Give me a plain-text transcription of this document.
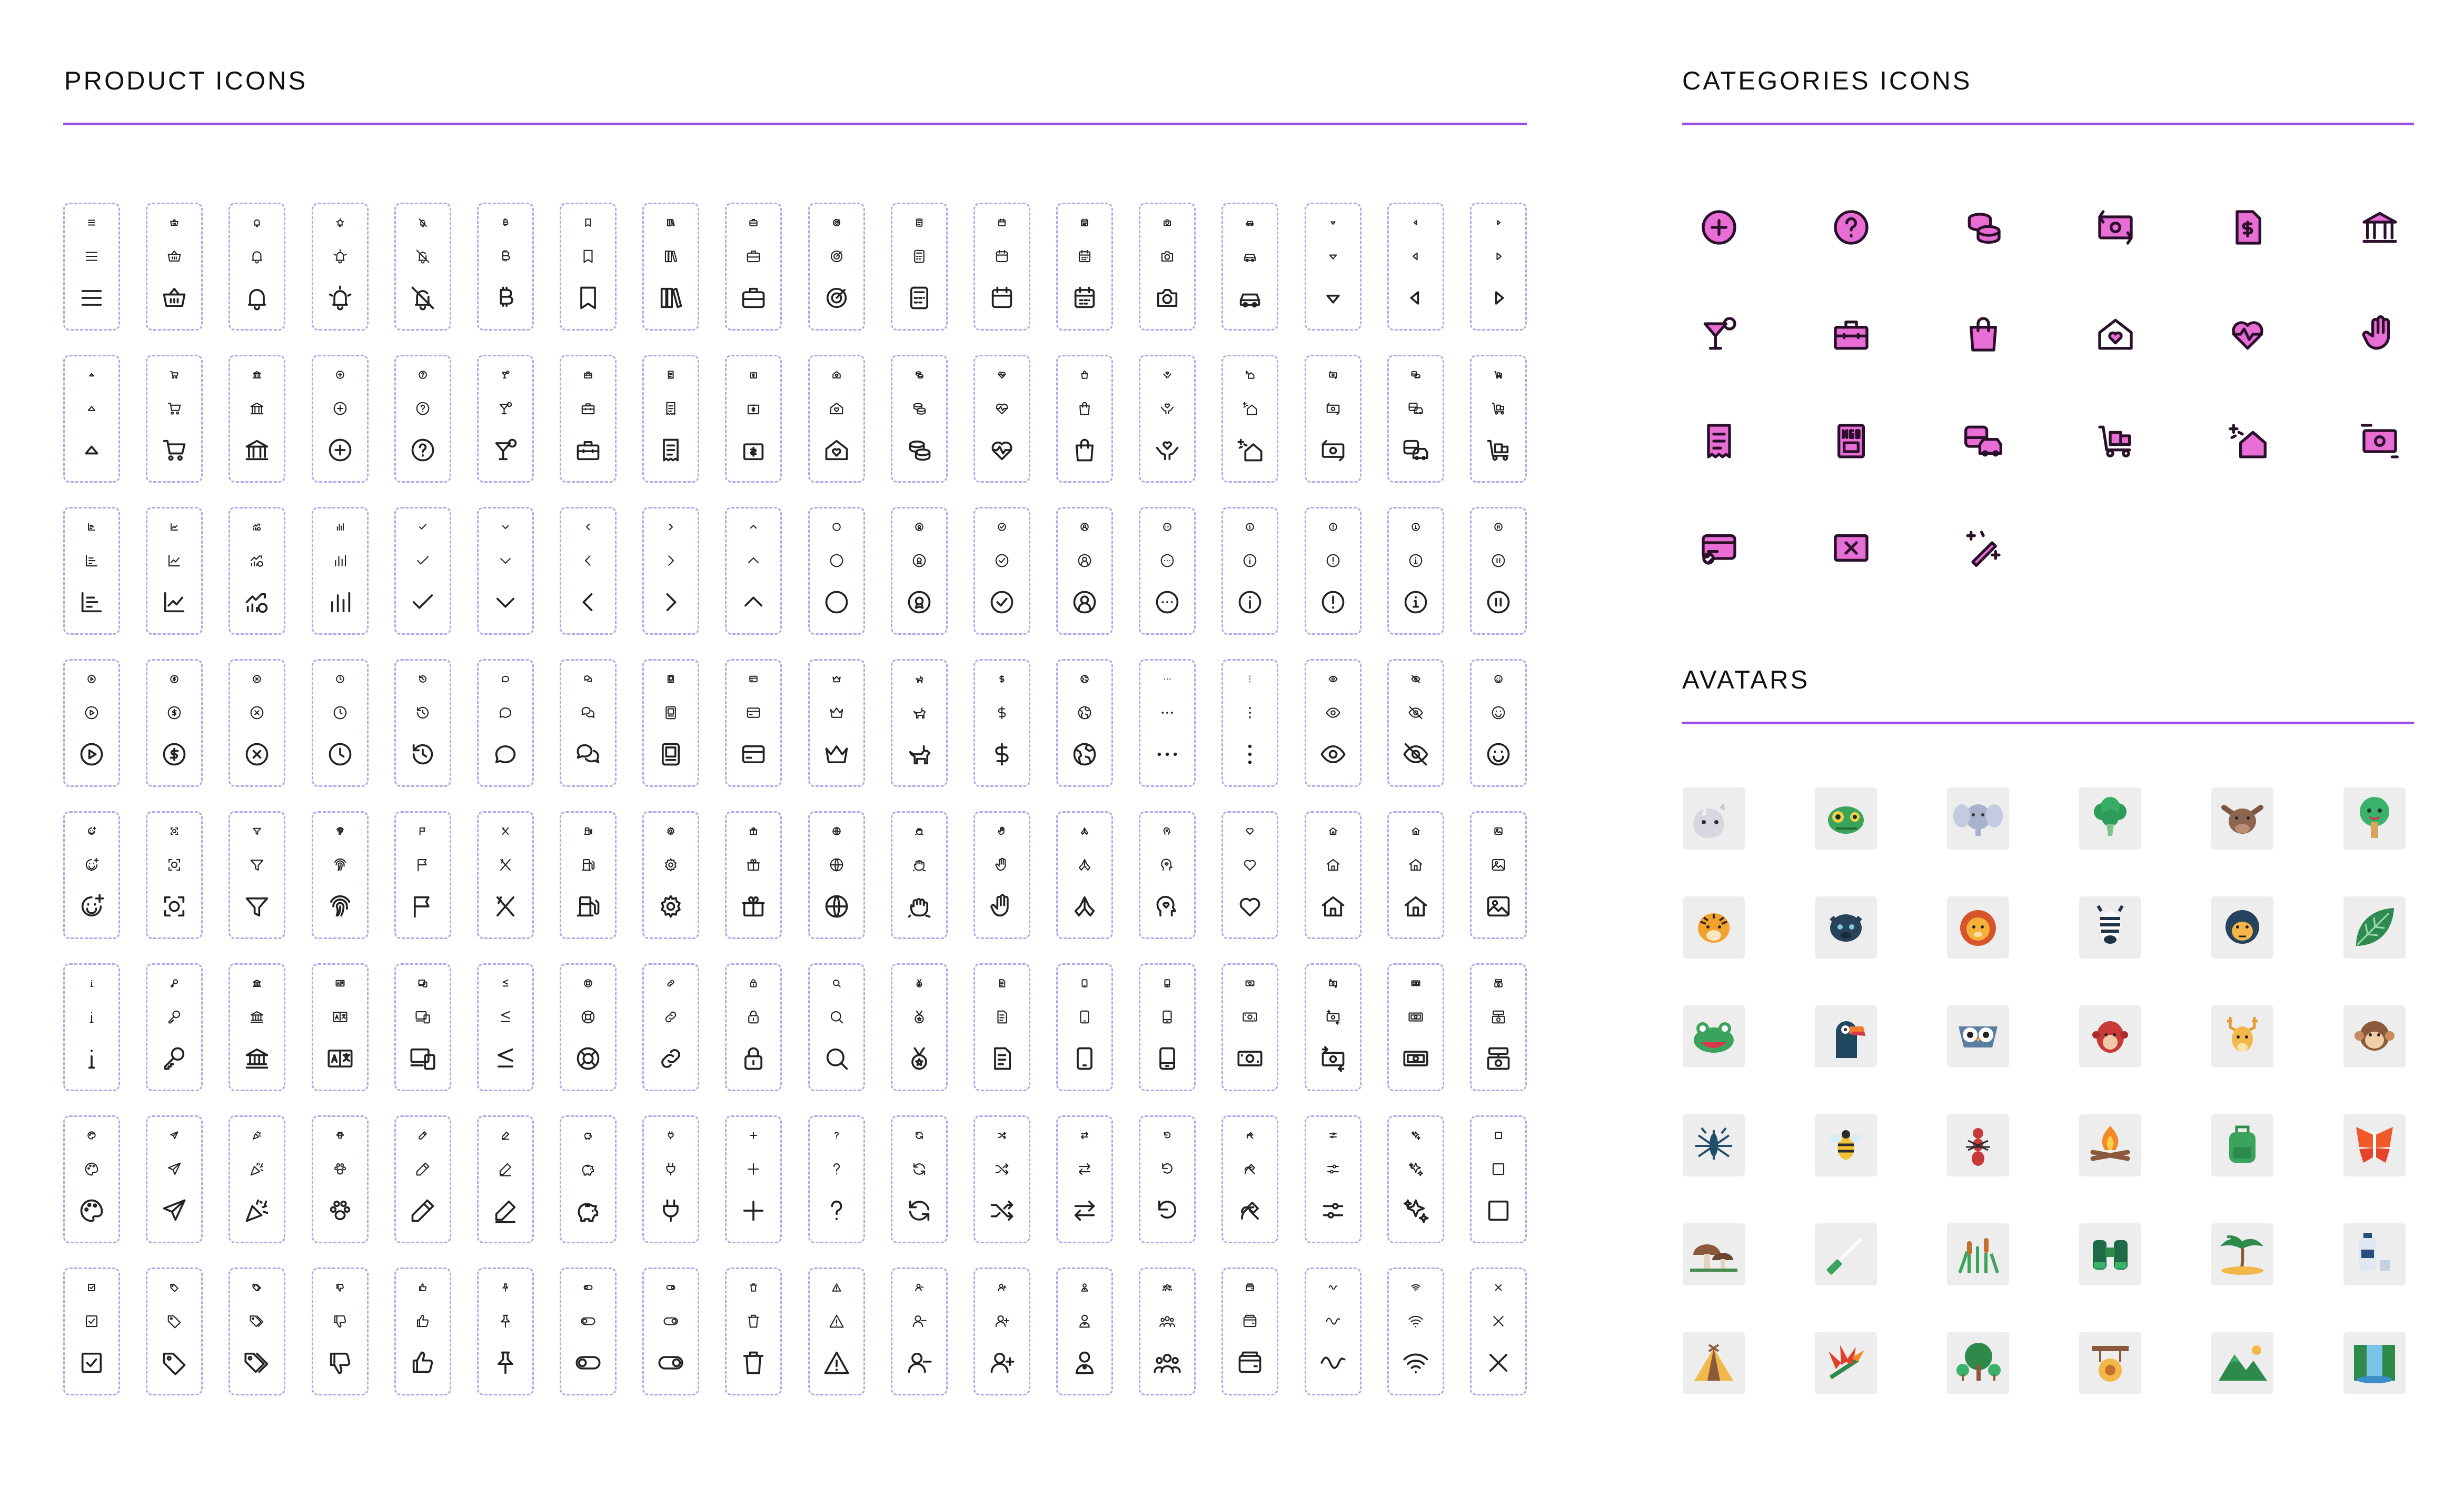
PRODUCT ICONS	CATEGORIES ICONS
AVATARS
